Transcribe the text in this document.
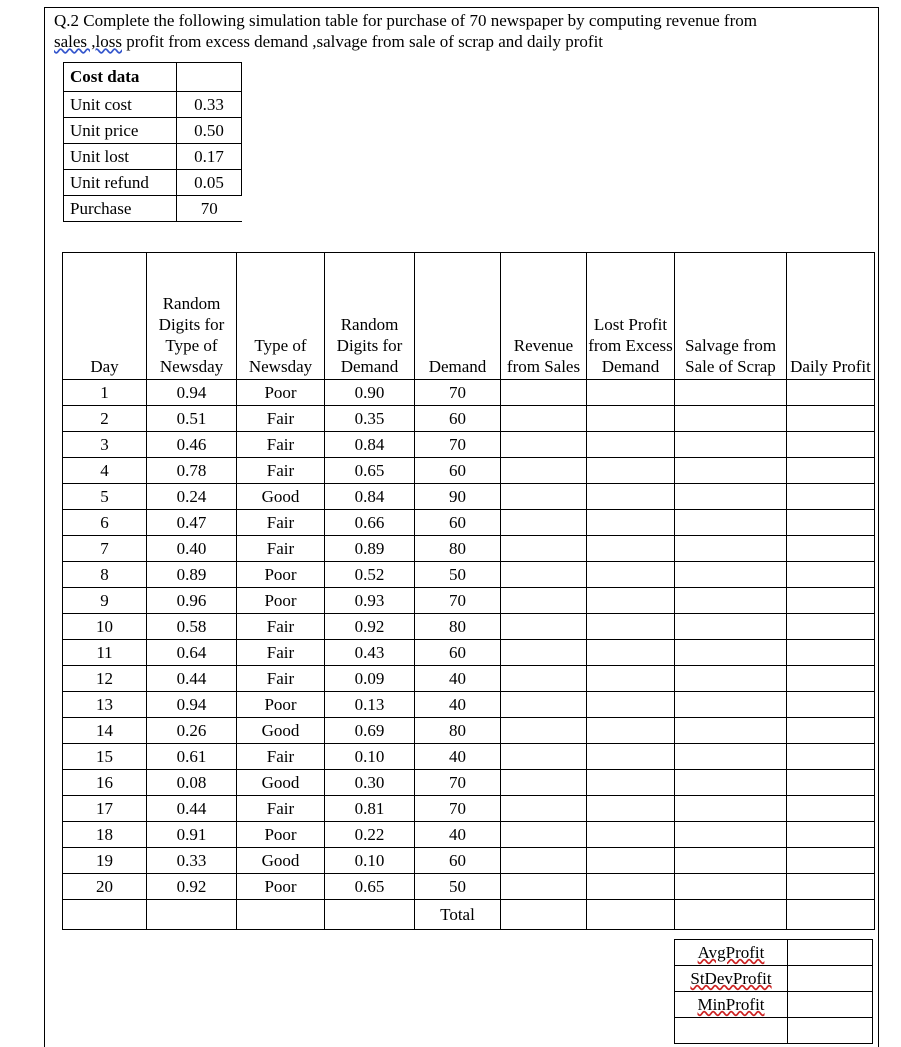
Q.2 Complete the following simulation table for purchase of 70 newspaper by computing revenue from
sales ,loss profit from excess demand ,salvage from sale of scrap and daily profit
Cost data	
Unit cost	0.33
Unit price	0.50
Unit lost	0.17
Unit refund	0.05
Purchase	70
Day	Random Digits for Type of Newsday	Type of Newsday	Random Digits for Demand	Demand	Revenue from Sales	Lost Profit from Excess Demand	Salvage from Sale of Scrap	Daily Profit
1	0.94	Poor	0.90	70				
2	0.51	Fair	0.35	60				
3	0.46	Fair	0.84	70				
4	0.78	Fair	0.65	60				
5	0.24	Good	0.84	90				
6	0.47	Fair	0.66	60				
7	0.40	Fair	0.89	80				
8	0.89	Poor	0.52	50				
9	0.96	Poor	0.93	70				
10	0.58	Fair	0.92	80				
11	0.64	Fair	0.43	60				
12	0.44	Fair	0.09	40				
13	0.94	Poor	0.13	40				
14	0.26	Good	0.69	80				
15	0.61	Fair	0.10	40				
16	0.08	Good	0.30	70				
17	0.44	Fair	0.81	70				
18	0.91	Poor	0.22	40				
19	0.33	Good	0.10	60				
20	0.92	Poor	0.65	50				
				Total				
AvgProfit	
StDevProfit	
MinProfit	
